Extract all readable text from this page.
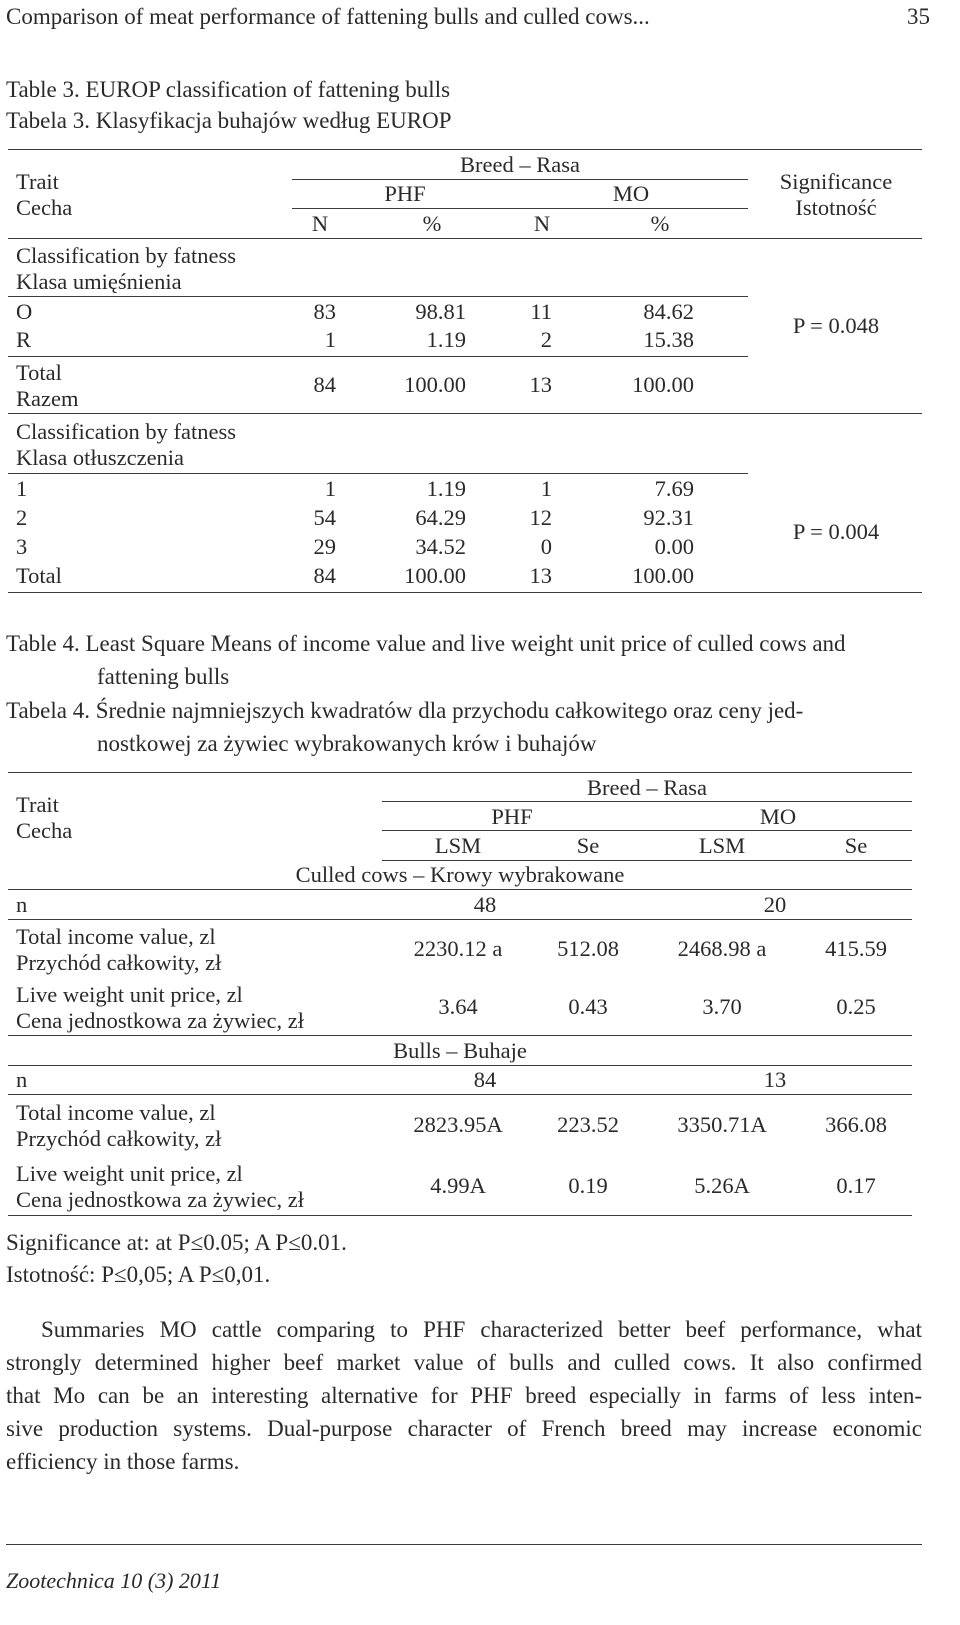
Comparison of meat performance of fattening bulls and culled cows...	35
Table 3. EUROP classification of fattening bulls
Tabela 3. Klasyfikacja buhajów według EUROP
Trait
Cecha
Breed – Rasa
PHF	MO
N	%	N	%
Significance
Istotność
Classification by fatness
Klasa umięśnienia
O	83	98.81	11	84.62
R	1	1.19	2	15.38
Total
Razem
84	100.00	13	100.00
P = 0.048
Classification by fatness
Klasa otłuszczenia
1	1	1.19	1	7.69
2	54	64.29	12	92.31
3	29	34.52	0	0.00
Total	84	100.00	13	100.00
P = 0.004
Table 4. Least Square Means of income value and live weight unit price of culled cows and
fattening bulls
Tabela 4. Średnie najmniejszych kwadratów dla przychodu całkowitego oraz ceny jed-
nostkowej za żywiec wybrakowanych krów i buhajów
Trait
Cecha
Breed – Rasa
PHF	MO
LSM	Se	LSM	Se
Culled cows – Krowy wybrakowane
n	48	20
Total income value, zl
Przychód całkowity, zł
2230.12 a	512.08	2468.98 a	415.59
Live weight unit price, zl
Cena jednostkowa za żywiec, zł
3.64	0.43	3.70	0.25
Bulls – Buhaje
n	84	13
Total income value, zl
Przychód całkowity, zł
2823.95A	223.52	3350.71A	366.08
Live weight unit price, zl
Cena jednostkowa za żywiec, zł
4.99A	0.19	5.26A	0.17
Significance at: at P≤0.05; A P≤0.01.
Istotność: P≤0,05; A P≤0,01.
Summaries MO cattle comparing to PHF characterized better beef performance, what
strongly determined higher beef market value of bulls and culled cows. It also confirmed
that Mo can be an interesting alternative for PHF breed especially in farms of less inten-
sive production systems. Dual-purpose character of French breed may increase economic
efficiency in those farms.
Zootechnica 10 (3) 2011
